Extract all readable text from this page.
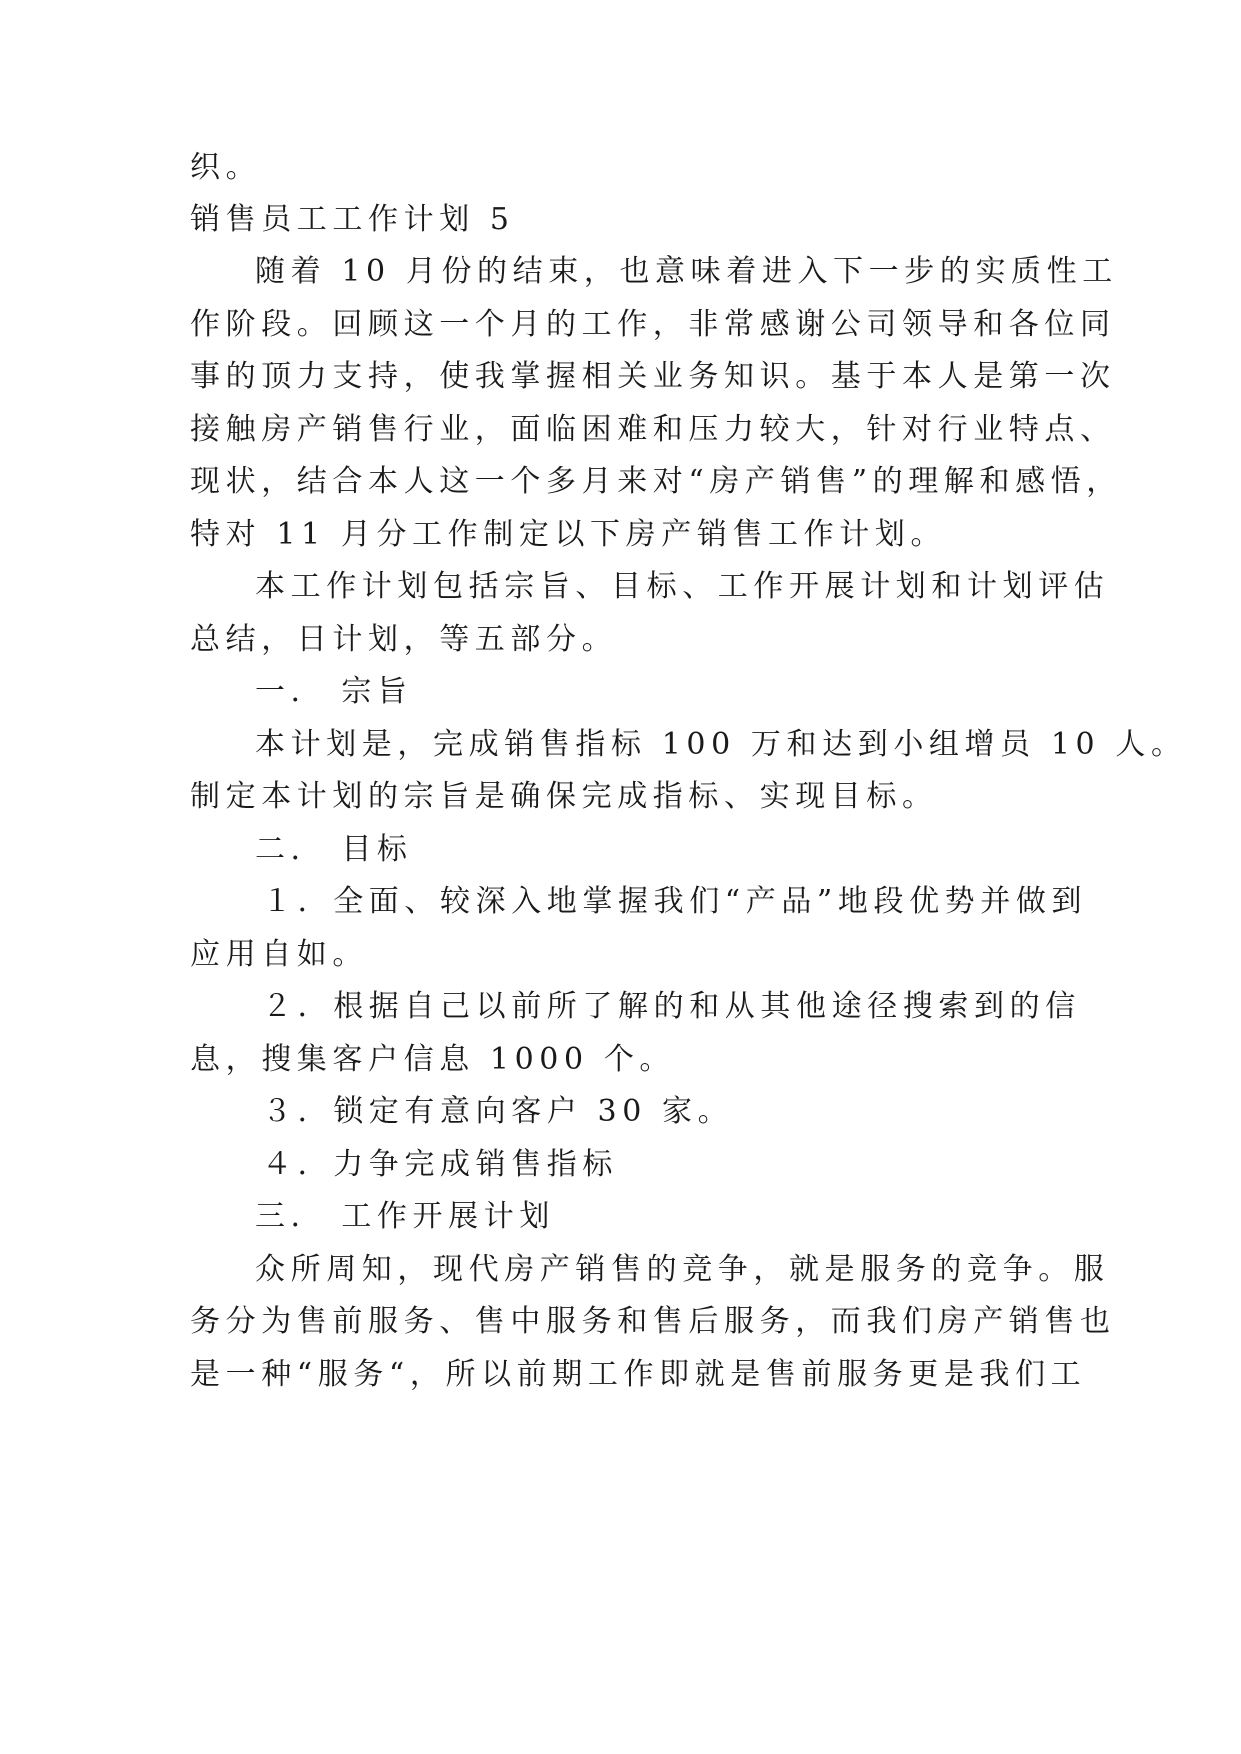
织。

销售员工工作计划 5

随着 10 月份的结束，也意味着进入下一步的实质性工

作阶段。回顾这一个月的工作，非常感谢公司领导和各位同

事的顶力支持，使我掌握相关业务知识。基于本人是第一次

接触房产销售行业，面临困难和压力较大，针对行业特点、

现状，结合本人这一个多月来对“房产销售”的理解和感悟，

特对 11 月分工作制定以下房产销售工作计划。

本工作计划包括宗旨、目标、工作开展计划和计划评估

总结，日计划，等五部分。

一． 宗旨

本计划是，完成销售指标 100 万和达到小组增员 10 人。

制定本计划的宗旨是确保完成指标、实现目标。

二． 目标

１．全面、较深入地掌握我们“产品”地段优势并做到

应用自如。

２．根据自己以前所了解的和从其他途径搜索到的信

息，搜集客户信息 1000 个。

３．锁定有意向客户 30 家。

４．力争完成销售指标

三． 工作开展计划

众所周知，现代房产销售的竞争，就是服务的竞争。服

务分为售前服务、售中服务和售后服务，而我们房产销售也

是一种“服务“，所以前期工作即就是售前服务更是我们工
